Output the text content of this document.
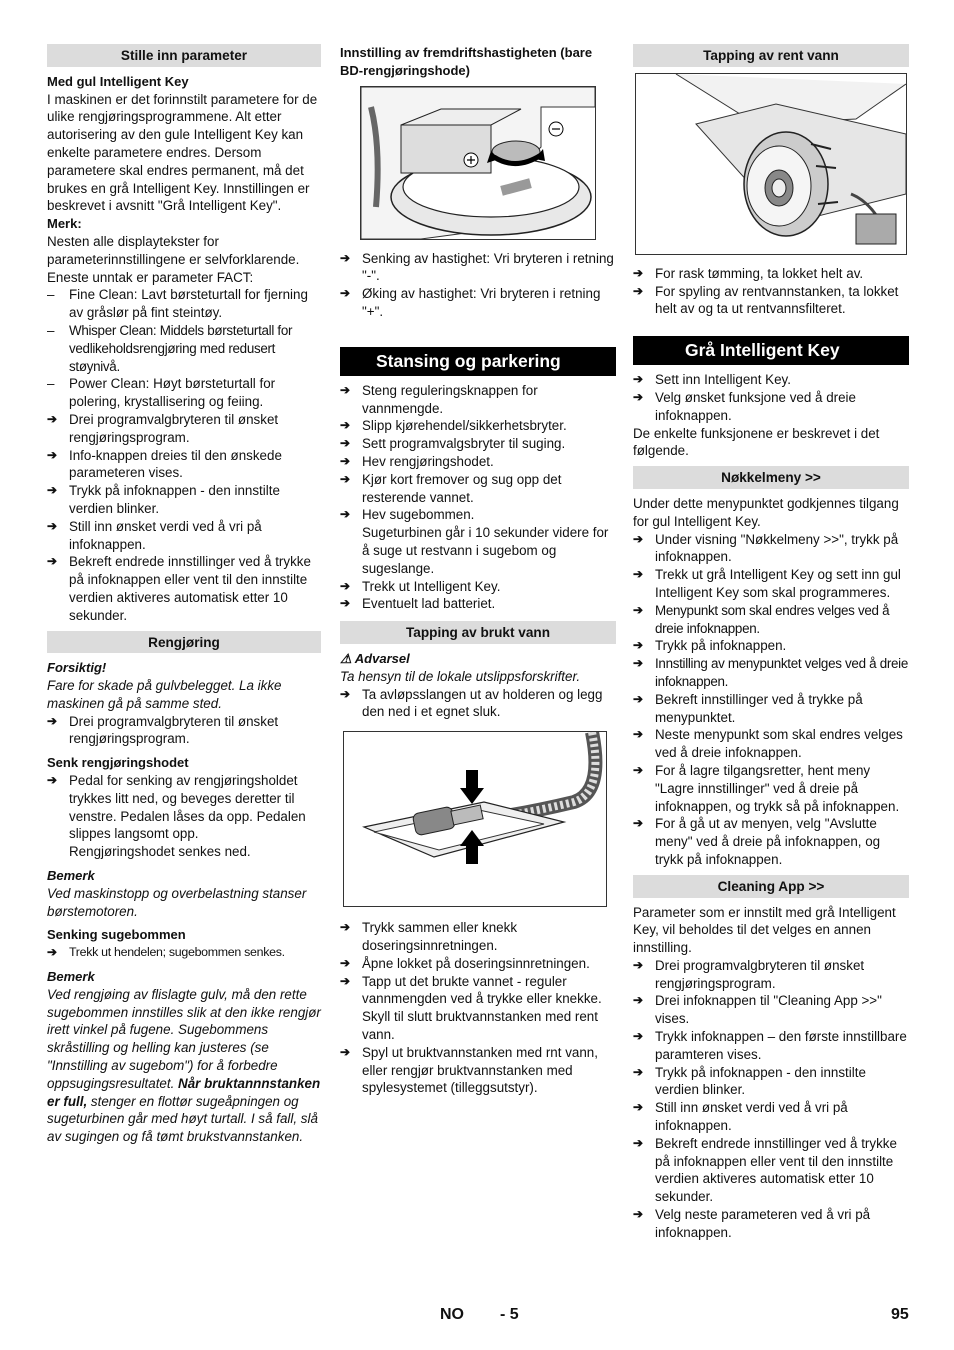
Stille inn parameter
Med gul Intelligent Key

I maskinen er det forinnstilt parametere for de ulike rengjøringsprogrammene. Alt etter autorisering av den gule Intelligent Key kan enkelte parametere endres. Dersom parametere skal endres permanent, må det brukes en grå Intelligent Key. Innstillingen er beskrevet i avsnitt "Grå Intelligent Key".

Merk:

Nesten alle displaytekster for parameterinnstillingene er selvforklarende. Eneste unntak er parameter FACT:

– Fine Clean: Lavt børsteturtall for fjerning av gråslør på fint steintøy.
– Whisper Clean: Middels børsteturtall for vedlikeholdsrengjøring med redusert støynivå.
– Power Clean: Høyt børsteturtall for polering, krystallisering og feiing.
➔ Drei programvalgbryteren til ønsket rengjøringsprogram.
➔ Info-knappen dreies til den ønskede parameteren vises.
➔ Trykk på infoknappen - den innstilte verdien blinker.
➔ Still inn ønsket verdi ved å vri på infoknappen.
➔ Bekreft endrede innstillinger ved å trykke på infoknappen eller vent til den innstilte verdien aktiveres automatisk etter 10 sekunder.
Rengjøring
Forsiktig!

Fare for skade på gulvbelegget. La ikke maskinen gå på samme sted.

➔ Drei programvalgbryteren til ønsket rengjøringsprogram.
Senk rengjøringshodet
➔ Pedal for senking av rengjøringsholdet trykkes litt ned, og beveges deretter til venstre. Pedalen låses da opp. Pedalen slippes langsomt opp.

Rengjøringshodet senkes ned.

Bemerk

Ved maskinstopp og overbelastning stanser børstemotoren.

Senking sugebommen
➔ Trekk ut hendelen; sugebommen senkes.
Bemerk

Ved rengjøing av flislagte gulv, må den rette sugebommen innstilles slik at den ikke rengjør irett vinkel på fugene. Sugebommens skråstilling og helling kan justeres (se "Innstilling av sugebom") for å forbedre oppsugingsresultatet. Når bruktannnstanken er full, stenger en flottør sugeåpningen og sugeturbinen går med høyt turtall. I så fall, slå av sugingen og få tømt brukstvannstanken.

Innstilling av fremdriftshastigheten (bare BD-rengjøringshode)
➔ Senking av hastighet: Vri bryteren i retning "-".
➔ Øking av hastighet: Vri bryteren i retning "+".
Stansing og parkering
➔ Steng reguleringsknappen for vannmengde.
➔ Slipp kjørehendel/sikkerhetsbryter.
➔ Sett programvalgsbryter til suging.
➔ Hev rengjøringshodet.
➔ Kjør kort fremover og sug opp det resterende vannet.
➔ Hev sugebommen.

Sugeturbinen går i 10 sekunder videre for å suge ut restvann i sugebom og sugeslange.

➔ Trekk ut Intelligent Key.
➔ Eventuelt lad batteriet.
Tapping av brukt vann
⚠ Advarsel

Ta hensyn til de lokale utslippsforskrifter.

➔ Ta avløpsslangen ut av holderen og legg den ned i et egnet sluk.
➔ Trykk sammen eller knekk doseringsinnretningen.
➔ Åpne lokket på doseringsinnretningen.
➔ Tapp ut det brukte vannet - reguler vannmengden ved å trykke eller knekke. Skyll til slutt bruktvannstanken med rent vann.
➔ Spyl ut bruktvannstanken med rnt vann, eller rengjør bruktvannstanken med spylesystemet (tilleggsutstyr).
Tapping av rent vann
➔ For rask tømming, ta lokket helt av.
➔ For spyling av rentvannstanken, ta lokket helt av og ta ut rentvannsfilteret.
Grå Intelligent Key
➔ Sett inn Intelligent Key.
➔ Velg ønsket funksjone ved å dreie infoknappen.

De enkelte funksjonene er beskrevet i det følgende.

Nøkkelmeny >>

Under dette menypunktet godkjennes tilgang for gul Intelligent Key.

➔ Under visning "Nøkkelmeny >>", trykk på infoknappen.
➔ Trekk ut grå Intelligent Key og sett inn gul Intelligent Key som skal programmeres.
➔ Menypunkt som skal endres velges ved å dreie infoknappen.
➔ Trykk på infoknappen.
➔ Innstilling av menypunktet velges ved å dreie infoknappen.
➔ Bekreft innstillinger ved å trykke på menypunktet.
➔ Neste menypunkt som skal endres velges ved å dreie infoknappen.
➔ For å lagre tilgangsretter, hent meny "Lagre innstillinger" ved å dreie på infoknappen, og trykk så på infoknappen.
➔ For å gå ut av menyen, velg "Avslutte meny" ved å dreie på infoknappen, og trykk på infoknappen.
Cleaning App >>

Parameter som er innstilt med grå Intelligent Key, vil beholdes til det velges en annen innstilling.

➔ Drei programvalgbryteren til ønsket rengjøringsprogram.
➔ Drei infoknappen til "Cleaning App >>" vises.
➔ Trykk infoknappen – den første innstillbare paramteren vises.
➔ Trykk på infoknappen - den innstilte verdien blinker.
➔ Still inn ønsket verdi ved å vri på infoknappen.
➔ Bekreft endrede innstillinger ved å trykke på infoknappen eller vent til den innstilte verdien aktiveres automatisk etter 10 sekunder.
➔ Velg neste parameteren ved å vri på infoknappen.
NO - 5	95
